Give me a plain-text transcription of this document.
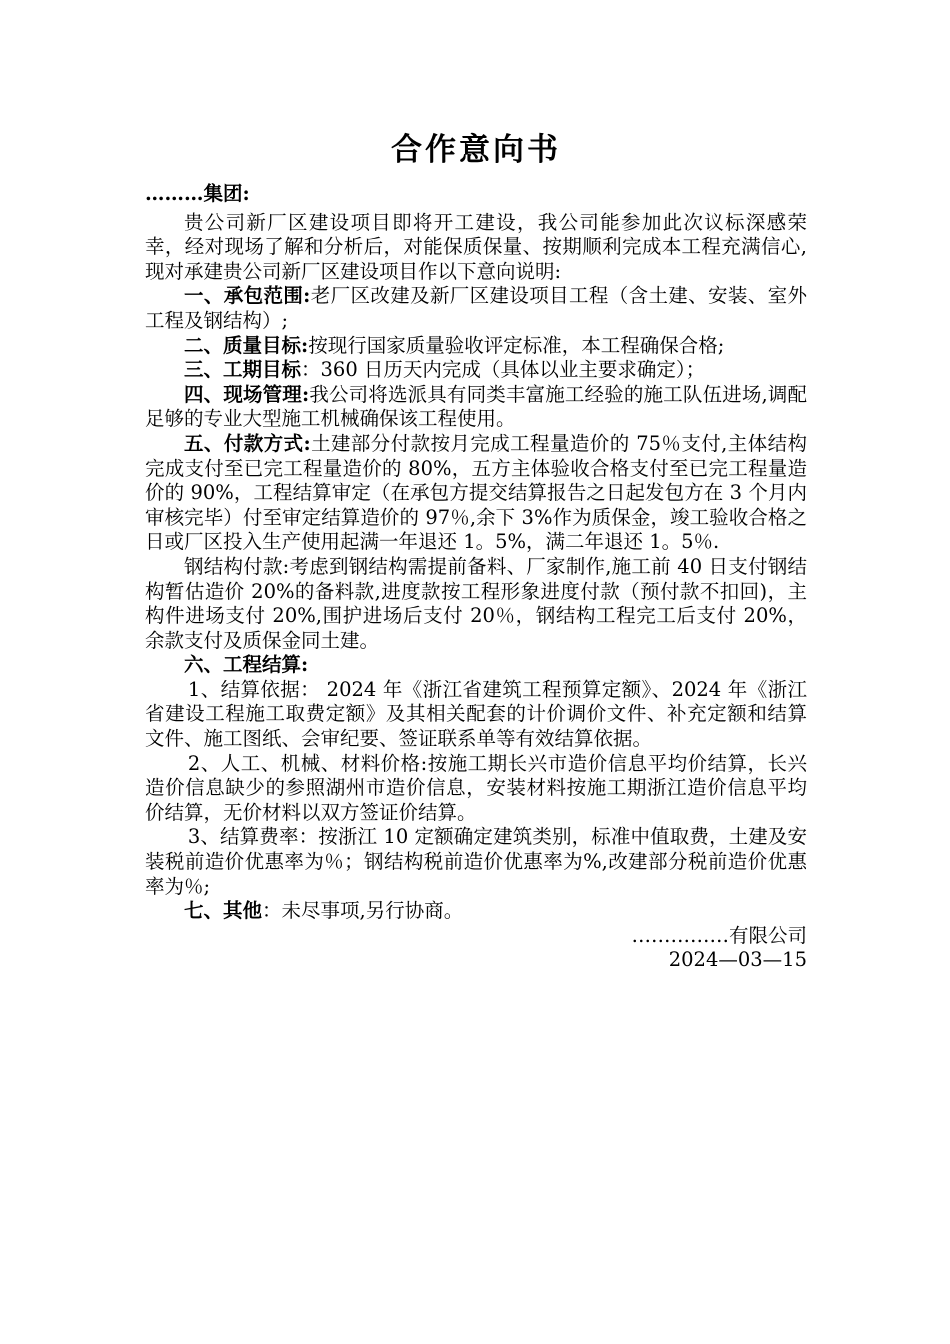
合作意向书

………集团:

贵公司新厂区建设项目即将开工建设，我公司能参加此次议标深感荣幸，经对现场了解和分析后，对能保质保量、按期顺利完成本工程充满信心,现对承建贵公司新厂区建设项目作以下意向说明:

一、承包范围:老厂区改建及新厂区建设项目工程（含土建、安装、室外工程及钢结构）;

二、质量目标:按现行国家质量验收评定标准，本工程确保合格;

三、工期目标：360 日历天内完成（具体以业主要求确定）；

四、现场管理:我公司将选派具有同类丰富施工经验的施工队伍进场,调配足够的专业大型施工机械确保该工程使用。

五、付款方式:土建部分付款按月完成工程量造价的 75％支付,主体结构完成支付至已完工程量造价的 80%，五方主体验收合格支付至已完工程量造价的 90%，工程结算审定（在承包方提交结算报告之日起发包方在 3 个月内审核完毕）付至审定结算造价的 97％,余下 3%作为质保金，竣工验收合格之日或厂区投入生产使用起满一年退还 1。5%，满二年退还 1。5％.

钢结构付款:考虑到钢结构需提前备料、厂家制作,施工前 40 日支付钢结构暂估造价 20%的备料款,进度款按工程形象进度付款（预付款不扣回)，主构件进场支付 20%,围护进场后支付 20％，钢结构工程完工后支付 20%，余款支付及质保金同土建。

六、工程结算:

1、结算依据： 2024 年《浙江省建筑工程预算定额》、2024 年《浙江省建设工程施工取费定额》及其相关配套的计价调价文件、补充定额和结算文件、施工图纸、会审纪要、签证联系单等有效结算依据。

2、人工、机械、材料价格:按施工期长兴市造价信息平均价结算，长兴造价信息缺少的参照湖州市造价信息，安装材料按施工期浙江造价信息平均价结算，无价材料以双方签证价结算。

3、结算费率：按浙江 10 定额确定建筑类别，标准中值取费，土建及安装税前造价优惠率为％；钢结构税前造价优惠率为%,改建部分税前造价优惠率为％;

七、其他：未尽事项,另行协商。

……………有限公司

2024—03—15
